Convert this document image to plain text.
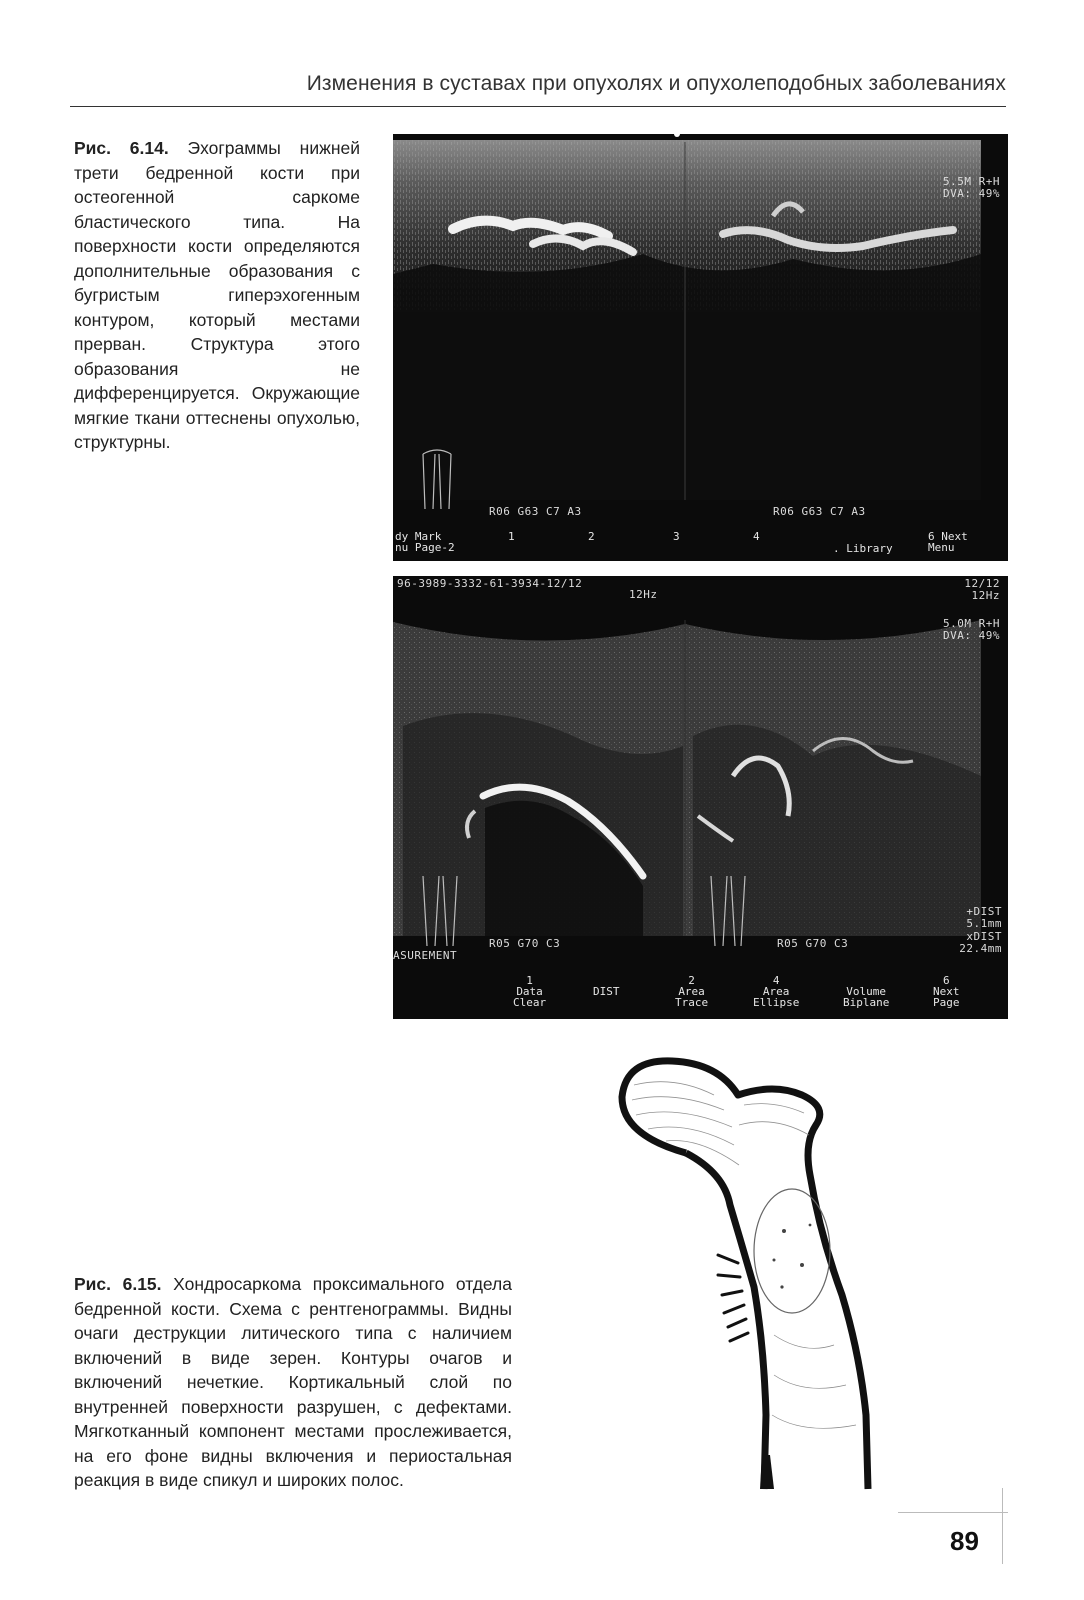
Изменения в суставах при опухолях и опухолеподобных заболеваниях
Рис. 6.14. Эхограммы нижней трети бедренной кости при остеогенной саркоме бластического типа. На поверхности кости определяются дополнительные образования с бугристым гиперэхогенным контуром, который местами прерван. Структура этого образования не дифференцируется. Окружающие мягкие ткани оттеснены опухолью, структурны.
5.5M R+H
DVA: 49%
R06 G63 C7 A3	R06 G63 C7 A3
dy Mark
nu Page-2
1	2	3	4
. Library
6 Next
Menu
96-3989-3332-61-3934-12/12
12Hz
12/12
12Hz
5.0M R+H
DVA: 49%
+DIST
5.1mm
xDIST
22.4mm
R05 G70 C3	R05 G70 C3
ASUREMENT
1
Data
Clear
DIST
2
Area
Trace
4
Area
Ellipse
Volume
Biplane
6
Next
Page
Рис. 6.15. Хондросаркома проксимального отдела бедренной кости. Схема с рентгенограммы. Видны очаги деструкции литического типа с наличием включений в виде зерен. Контуры очагов и включений нечеткие. Кортикальный слой по внутренней поверхности разрушен, с дефектами. Мягкотканный компонент местами прослеживается, на его фоне видны включения и периостальная реакция в виде спикул и широких полос.
89
